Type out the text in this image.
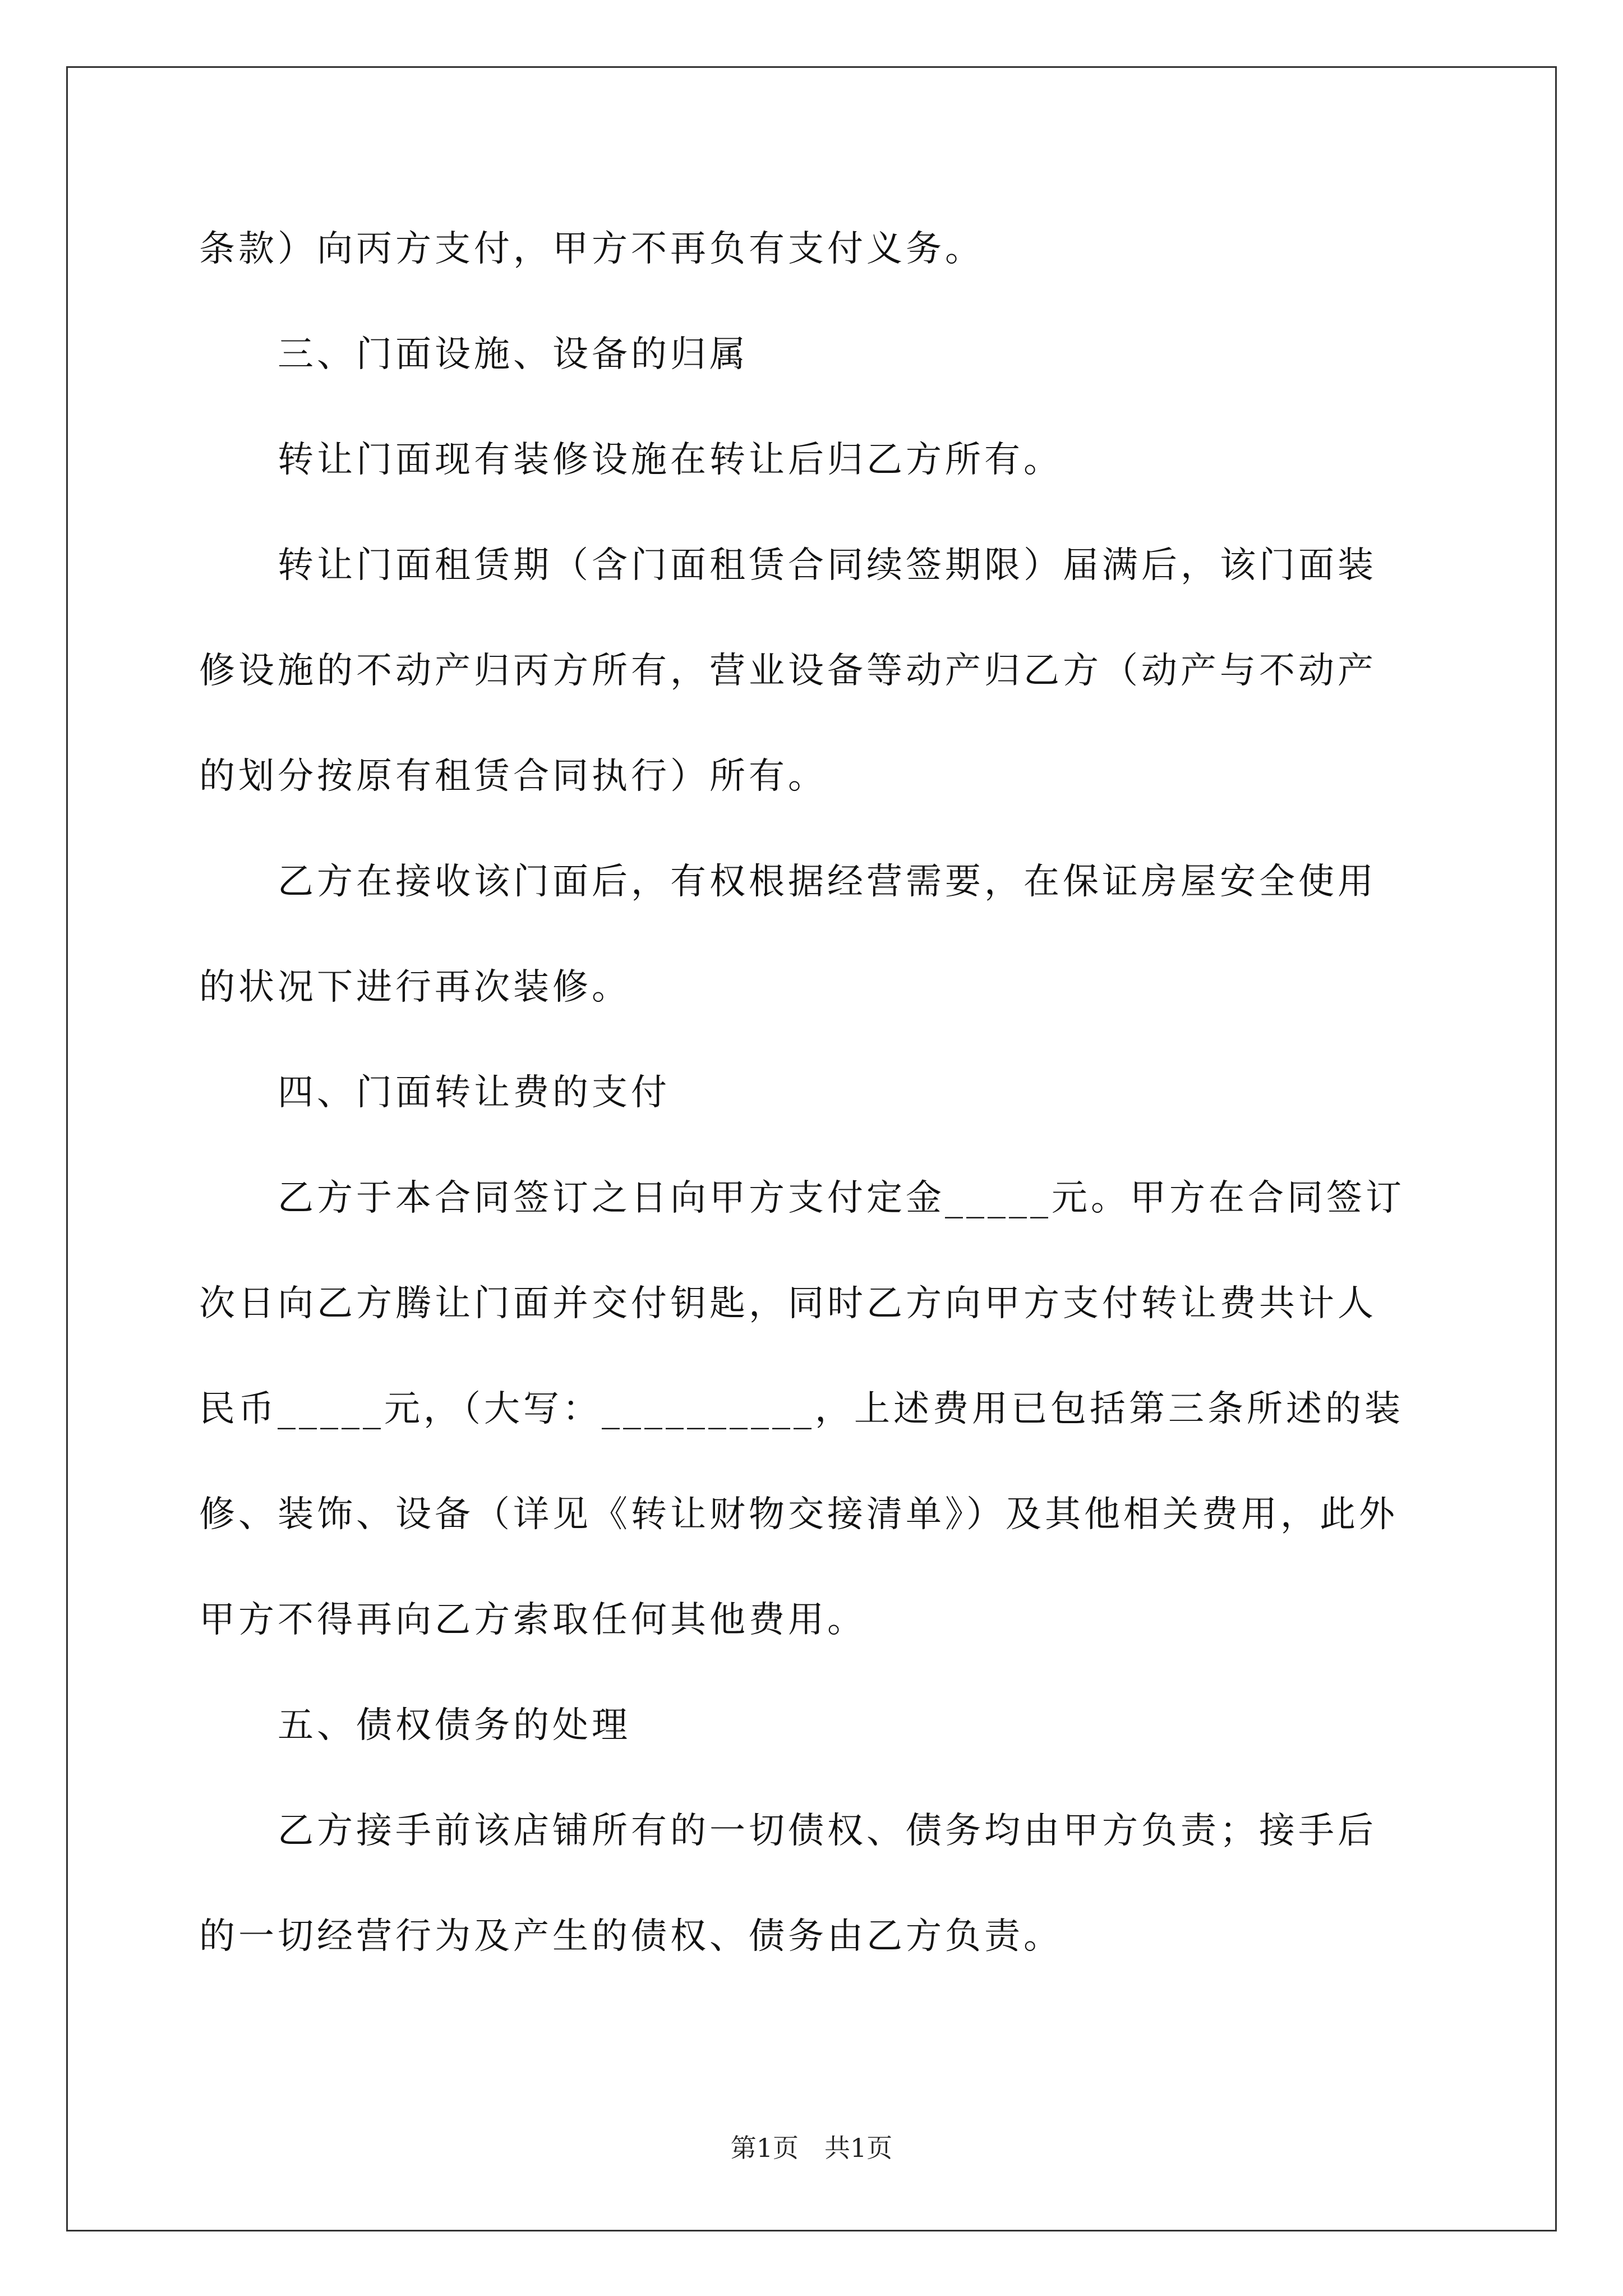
条款）向丙方支付，甲方不再负有支付义务。
　　三、门面设施、设备的归属
　　转让门面现有装修设施在转让后归乙方所有。
　　转让门面租赁期（含门面租赁合同续签期限）届满后，该门面装
修设施的不动产归丙方所有，营业设备等动产归乙方（动产与不动产
的划分按原有租赁合同执行）所有。
　　乙方在接收该门面后，有权根据经营需要，在保证房屋安全使用
的状况下进行再次装修。
　　四、门面转让费的支付
　　乙方于本合同签订之日向甲方支付定金_____元。甲方在合同签订
次日向乙方腾让门面并交付钥匙，同时乙方向甲方支付转让费共计人
民币_____元，（大写：__________，上述费用已包括第三条所述的装
修、装饰、设备（详见《转让财物交接清单》）及其他相关费用，此外
甲方不得再向乙方索取任何其他费用。
　　五、债权债务的处理
　　乙方接手前该店铺所有的一切债权、债务均由甲方负责；接手后
的一切经营行为及产生的债权、债务由乙方负责。
第1页　共1页
